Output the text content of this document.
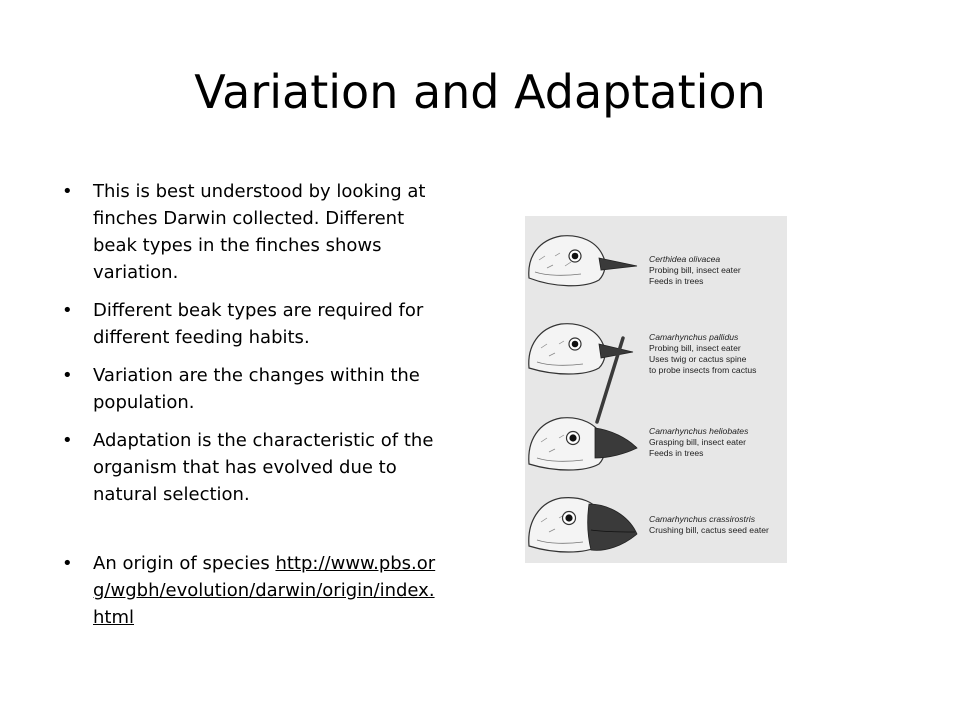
Variation and Adaptation
• This is best understood by looking at finches Darwin collected. Different beak types in the finches shows variation.
• Different beak types are required for different feeding habits.
• Variation are the changes within the population.
• Adaptation is the characteristic of the organism that has evolved due to natural selection.
• An origin of species http://www.pbs.org/wgbh/evolution/darwin/origin/index.html
Certhidea olivacea
Probing bill, insect eater
Feeds in trees
Camarhynchus pallidus
Probing bill, insect eater
Uses twig or cactus spine
to probe insects from cactus
Camarhynchus heliobates
Grasping bill, insect eater
Feeds in trees
Camarhynchus crassirostris
Crushing bill, cactus seed eater
